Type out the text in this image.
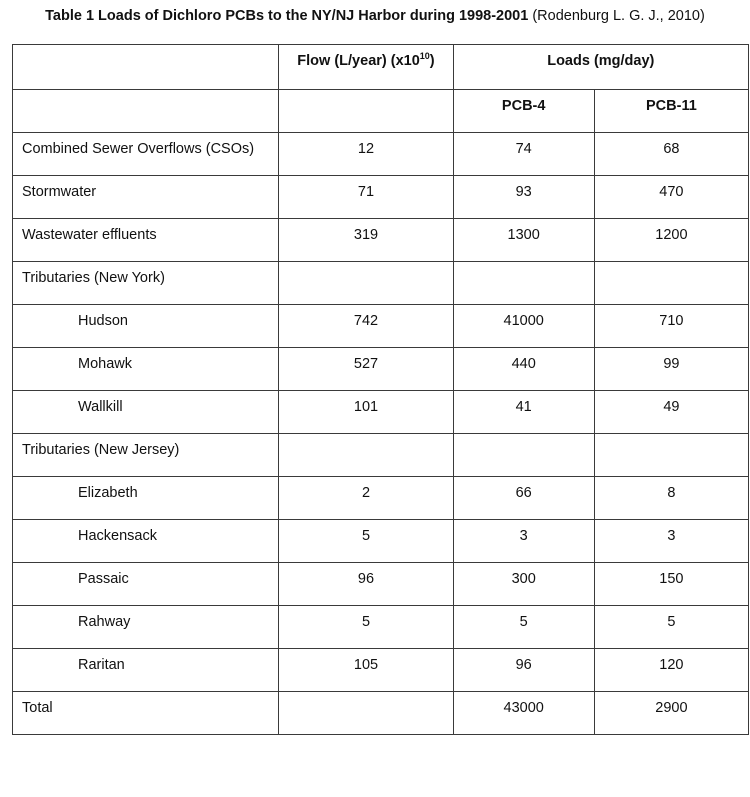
Table 1 Loads of Dichloro PCBs to the NY/NJ Harbor during 1998-2001 (Rodenburg L. G. J., 2010)

	Flow (L/year) $(x10^{10})$	Loads (mg/day)	

		PCB-4	PCB-11

Combined Sewer Overflows (CSOs)	12	74	68

Stormwater	71	93	470

Wastewater effluents	319	1300	1200

Tributaries (New York)			

Hudson	742	41000	710

Mohawk	527	440	99

Wallkill	101	41	49

Tributaries (New Jersey)			

Elizabeth	2	66	8

Hackensack	5	3	3

Passaic	96	300	150

Rahway	5	5	5

Raritan	105	96	120

Total		43000	2900
